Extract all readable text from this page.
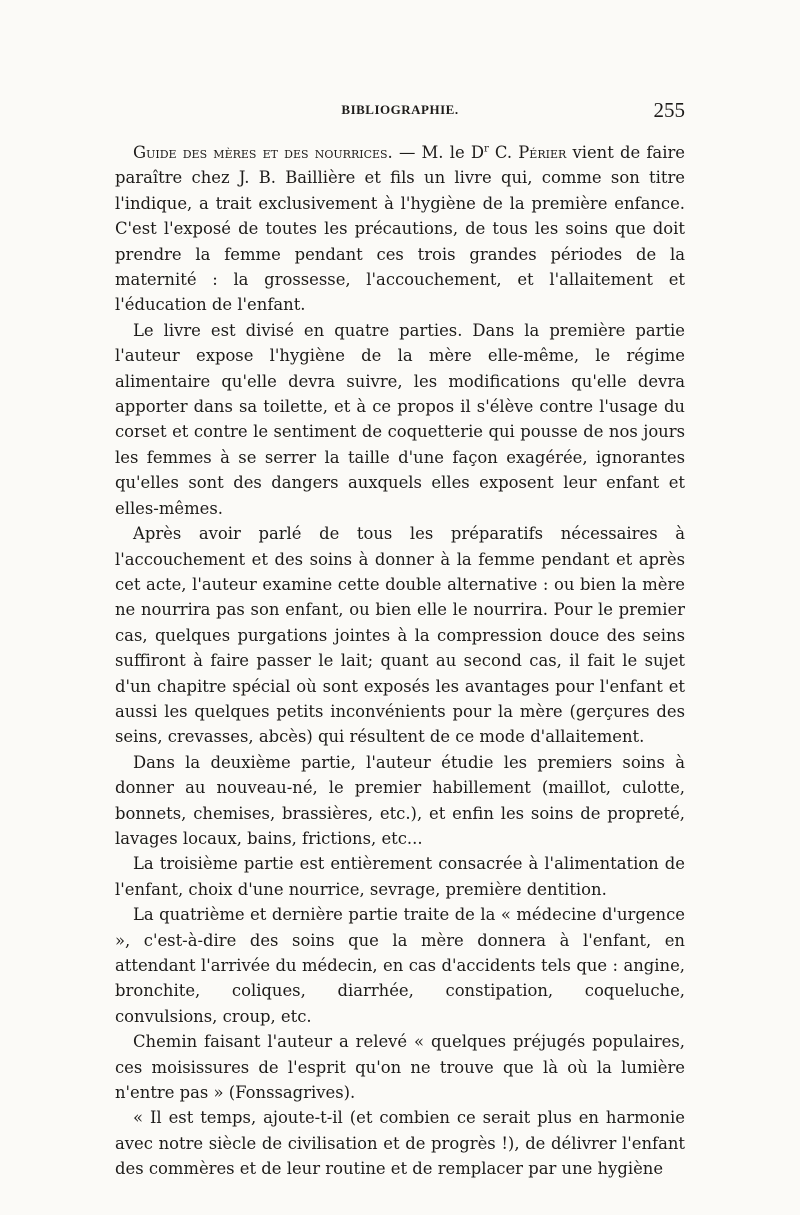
BIBLIOGRAPHIE.	255

Guide des mères et des nourrices. — M. le $D^r$ C. Périer vient de faire paraître chez J. B. Baillière et fils un livre qui, comme son titre l'indique, a trait exclusivement à l'hygiène de la première enfance. C'est l'exposé de toutes les précautions, de tous les soins que doit prendre la femme pendant ces trois grandes périodes de la maternité : la grossesse, l'accouchement, et l'allaitement et l'éducation de l'enfant.

Le livre est divisé en quatre parties. Dans la première partie l'auteur expose l'hygiène de la mère elle-même, le régime alimentaire qu'elle devra suivre, les modifications qu'elle devra apporter dans sa toilette, et à ce propos il s'élève contre l'usage du corset et contre le sentiment de coquetterie qui pousse de nos jours les femmes à se serrer la taille d'une façon exagérée, ignorantes qu'elles sont des dangers auxquels elles exposent leur enfant et elles-mêmes.

Après avoir parlé de tous les préparatifs nécessaires à l'accouchement et des soins à donner à la femme pendant et après cet acte, l'auteur examine cette double alternative : ou bien la mère ne nourrira pas son enfant, ou bien elle le nourrira. Pour le premier cas, quelques purgations jointes à la compression douce des seins suffiront à faire passer le lait; quant au second cas, il fait le sujet d'un chapitre spécial où sont exposés les avantages pour l'enfant et aussi les quelques petits inconvénients pour la mère (gerçures des seins, crevasses, abcès) qui résultent de ce mode d'allaitement.

Dans la deuxième partie, l'auteur étudie les premiers soins à donner au nouveau-né, le premier habillement (maillot, culotte, bonnets, chemises, brassières, etc.), et enfin les soins de propreté, lavages locaux, bains, frictions, etc...

La troisième partie est entièrement consacrée à l'alimentation de l'enfant, choix d'une nourrice, sevrage, première dentition.

La quatrième et dernière partie traite de la « médecine d'urgence », c'est-à-dire des soins que la mère donnera à l'enfant, en attendant l'arrivée du médecin, en cas d'accidents tels que : angine, bronchite, coliques, diarrhée, constipation, coqueluche, convulsions, croup, etc.

Chemin faisant l'auteur a relevé « quelques préjugés populaires, ces moisissures de l'esprit qu'on ne trouve que là où la lumière n'entre pas » (Fonssagrives).

« Il est temps, ajoute-t-il (et combien ce serait plus en harmonie avec notre siècle de civilisation et de progrès !), de délivrer l'enfant des commères et de leur routine et de remplacer par une hygiène
